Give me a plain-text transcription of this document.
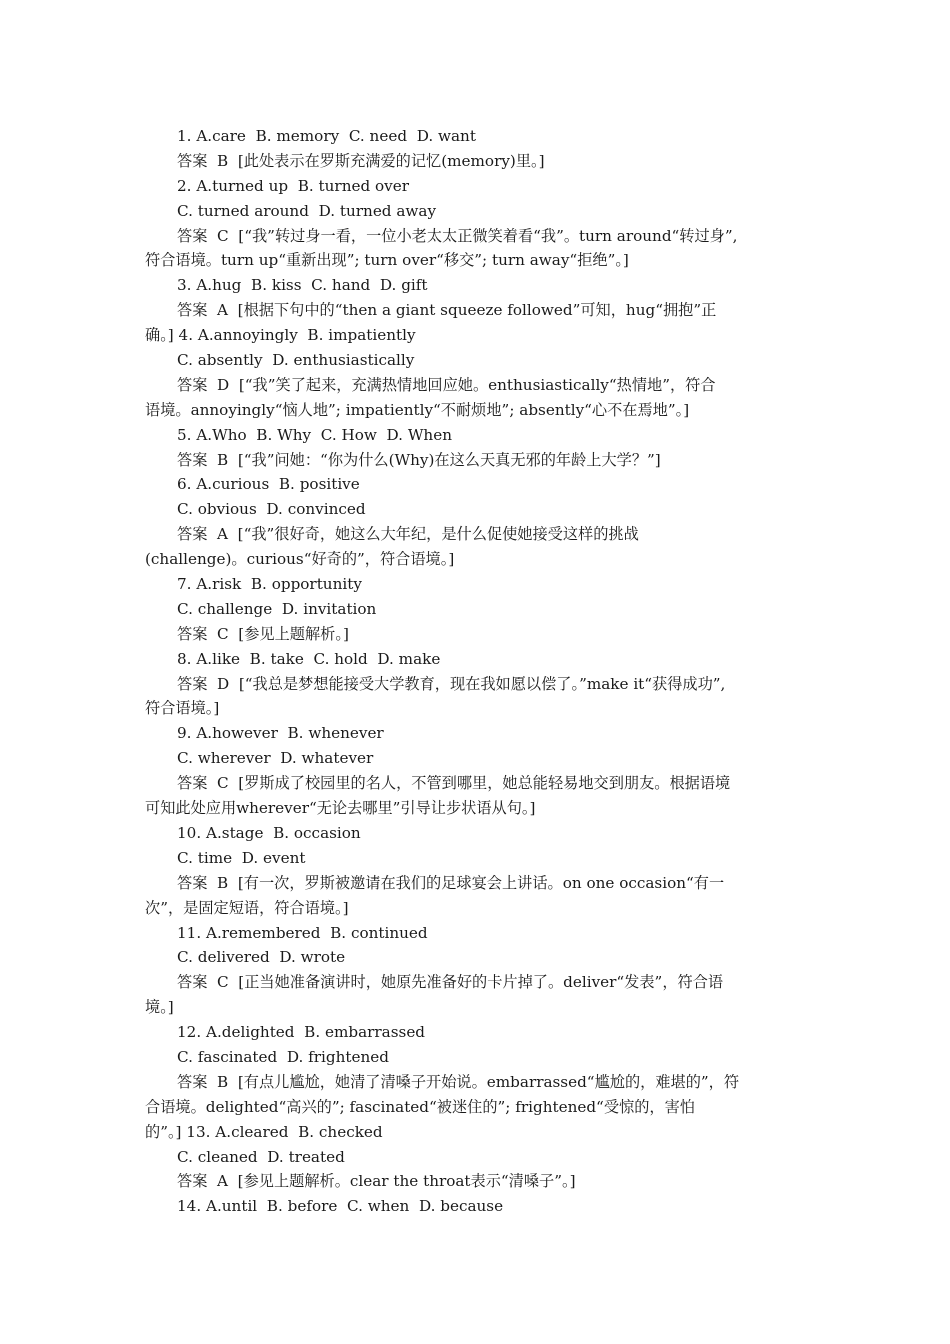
1. A.care  B. memory  C. need  D. want
答案  B  [此处表示在罗斯充满爱的记忆(memory)里。]
2. A.turned up  B. turned over
C. turned around  D. turned away
答案  C  [“我”转过身一看，一位小老太太正微笑着看“我”。turn around“转过身”,
符合语境。turn up“重新出现”; turn over“移交”; turn away“拒绝”。]
3. A.hug  B. kiss  C. hand  D. gift
答案  A  [根据下句中的“then a giant squeeze followed”可知，hug“拥抱”正
确。] 4. A.annoyingly  B. impatiently
C. absently  D. enthusiastically
答案  D  [“我”笑了起来，充满热情地回应她。enthusiastically“热情地”，符合
语境。annoyingly“恼人地”; impatiently“不耐烦地”; absently“心不在焉地”。]
5. A.Who  B. Why  C. How  D. When
答案  B  [“我”问她：“你为什么(Why)在这么天真无邪的年龄上大学？”]
6. A.curious  B. positive
C. obvious  D. convinced
答案  A  [“我”很好奇，她这么大年纪，是什么促使她接受这样的挑战
(challenge)。curious“好奇的”，符合语境。]
7. A.risk  B. opportunity
C. challenge  D. invitation
答案  C  [参见上题解析。]
8. A.like  B. take  C. hold  D. make
答案  D  [“我总是梦想能接受大学教育，现在我如愿以偿了。”make it“获得成功”,
符合语境。]
9. A.however  B. whenever
C. wherever  D. whatever
答案  C  [罗斯成了校园里的名人，不管到哪里，她总能轻易地交到朋友。根据语境
可知此处应用wherever“无论去哪里”引导让步状语从句。]
10. A.stage  B. occasion
C. time  D. event
答案  B  [有一次，罗斯被邀请在我们的足球宴会上讲话。on one occasion“有一
次”，是固定短语，符合语境。]
11. A.remembered  B. continued
C. delivered  D. wrote
答案  C  [正当她准备演讲时，她原先准备好的卡片掉了。deliver“发表”，符合语
境。]
12. A.delighted  B. embarrassed
C. fascinated  D. frightened
答案  B  [有点儿尴尬，她清了清嗓子开始说。embarrassed“尴尬的，难堪的”，符
合语境。delighted“高兴的”; fascinated“被迷住的”; frightened“受惊的，害怕
的”。] 13. A.cleared  B. checked
C. cleaned  D. treated
答案  A  [参见上题解析。clear the throat表示“清嗓子”。]
14. A.until  B. before  C. when  D. because
